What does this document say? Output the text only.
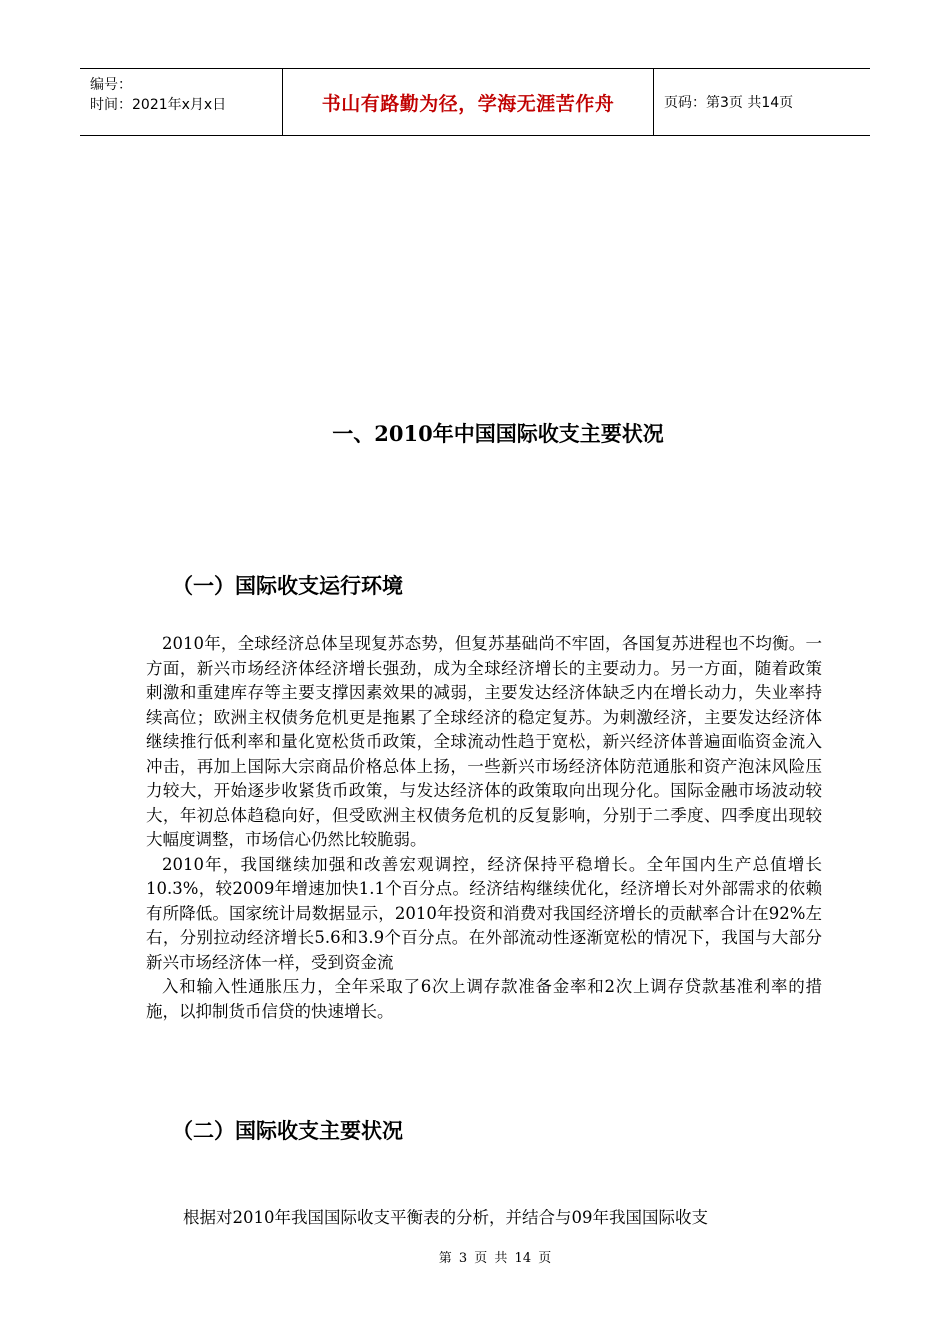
编号：
时间：2021年x月x日	书山有路勤为径，学海无涯苦作舟	页码：第3页 共14页
一、2010年中国国际收支主要状况
（一）国际收支运行环境

2010年，全球经济总体呈现复苏态势，但复苏基础尚不牢固，各国复苏进程也不均衡。一方面，新兴市场经济体经济增长强劲，成为全球经济增长的主要动力。另一方面，随着政策刺激和重建库存等主要支撑因素效果的减弱，主要发达经济体缺乏内在增长动力，失业率持续高位；欧洲主权债务危机更是拖累了全球经济的稳定复苏。为刺激经济，主要发达经济体继续推行低利率和量化宽松货币政策，全球流动性趋于宽松，新兴经济体普遍面临资金流入冲击，再加上国际大宗商品价格总体上扬，一些新兴市场经济体防范通胀和资产泡沫风险压力较大，开始逐步收紧货币政策，与发达经济体的政策取向出现分化。国际金融市场波动较大，年初总体趋稳向好，但受欧洲主权债务危机的反复影响，分别于二季度、四季度出现较大幅度调整，市场信心仍然比较脆弱。

2010年，我国继续加强和改善宏观调控，经济保持平稳增长。全年国内生产总值增长10.3%，较2009年增速加快1.1个百分点。经济结构继续优化，经济增长对外部需求的依赖有所降低。国家统计局数据显示，2010年投资和消费对我国经济增长的贡献率合计在92%左右，分别拉动经济增长5.6和3.9个百分点。在外部流动性逐渐宽松的情况下，我国与大部分新兴市场经济体一样，受到资金流

入和输入性通胀压力，全年采取了6次上调存款准备金率和2次上调存贷款基准利率的措施，以抑制货币信贷的快速增长。

（二）国际收支主要状况
根据对2010年我国国际收支平衡表的分析，并结合与09年我国国际收支
第 3 页 共 14 页
